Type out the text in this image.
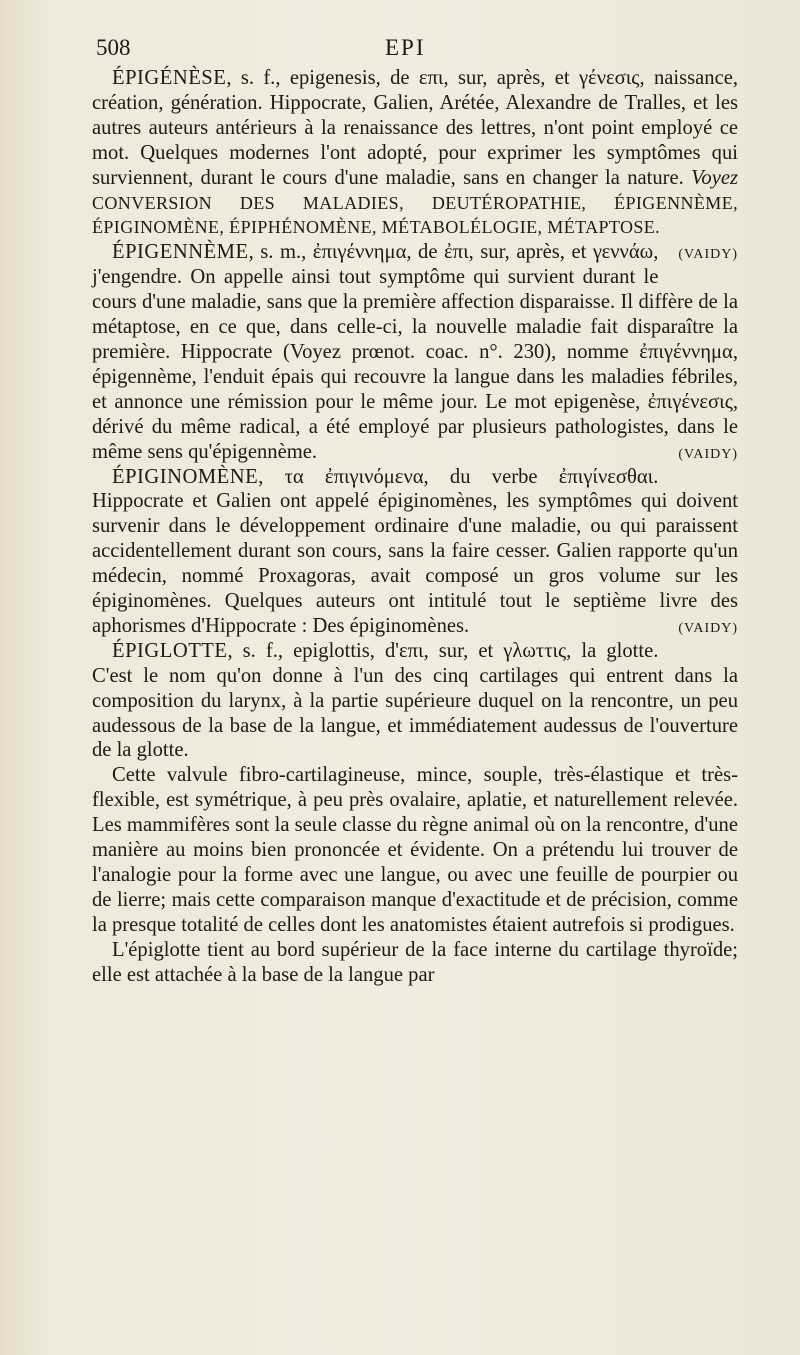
508	EPI

ÉPIGÉNÈSE, s. f., epigenesis, de επι, sur, après, et γένεσις, naissance, création, génération. Hippocrate, Galien, Arétée, Alexandre de Tralles, et les autres auteurs antérieurs à la renaissance des lettres, n'ont point employé ce mot. Quelques modernes l'ont adopté, pour exprimer les symptômes qui surviennent, durant le cours d'une maladie, sans en changer la nature. Voyez CONVERSION DES MALADIES, DEUTÉROPATHIE, ÉPIGENNÈME, ÉPIGINOMÈNE, ÉPIPHÉNOMÈNE, MÉTABOLÉLOGIE, MÉTAPTOSE.
(VAIDY)

ÉPIGENNÈME, s. m., ἐπιγέννημα, de ἐπι, sur, après, et γεννάω, j'engendre. On appelle ainsi tout symptôme qui survient durant le cours d'une maladie, sans que la première affection disparaisse. Il diffère de la métaptose, en ce que, dans celle-ci, la nouvelle maladie fait disparaître la première. Hippocrate (Voyez prœnot. coac. n°. 230), nomme ἐπιγέννημα, épigennème, l'enduit épais qui recouvre la langue dans les maladies fébriles, et annonce une rémission pour le même jour. Le mot epigenèse, ἐπιγένεσις, dérivé du même radical, a été employé par plusieurs pathologistes, dans le même sens qu'épigennème.	(VAIDY)

ÉPIGINOMÈNE, τα ἐπιγινόμενα, du verbe ἐπιγίνεσθαι. Hippocrate et Galien ont appelé épiginomènes, les symptômes qui doivent survenir dans le développement ordinaire d'une maladie, ou qui paraissent accidentellement durant son cours, sans la faire cesser. Galien rapporte qu'un médecin, nommé Proxagoras, avait composé un gros volume sur les épiginomènes. Quelques auteurs ont intitulé tout le septième livre des aphorismes d'Hippocrate : Des épiginomènes.	(VAIDY)

ÉPIGLOTTE, s. f., epiglottis, d'επι, sur, et γλωττις, la glotte. C'est le nom qu'on donne à l'un des cinq cartilages qui entrent dans la composition du larynx, à la partie supérieure duquel on la rencontre, un peu audessous de la base de la langue, et immédiatement audessus de l'ouverture de la glotte.

Cette valvule fibro-cartilagineuse, mince, souple, très-élastique et très-flexible, est symétrique, à peu près ovalaire, aplatie, et naturellement relevée. Les mammifères sont la seule classe du règne animal où on la rencontre, d'une manière au moins bien prononcée et évidente. On a prétendu lui trouver de l'analogie pour la forme avec une langue, ou avec une feuille de pourpier ou de lierre; mais cette comparaison manque d'exactitude et de précision, comme la presque totalité de celles dont les anatomistes étaient autrefois si prodigues.

L'épiglotte tient au bord supérieur de la face interne du cartilage thyroïde; elle est attachée à la base de la langue par
